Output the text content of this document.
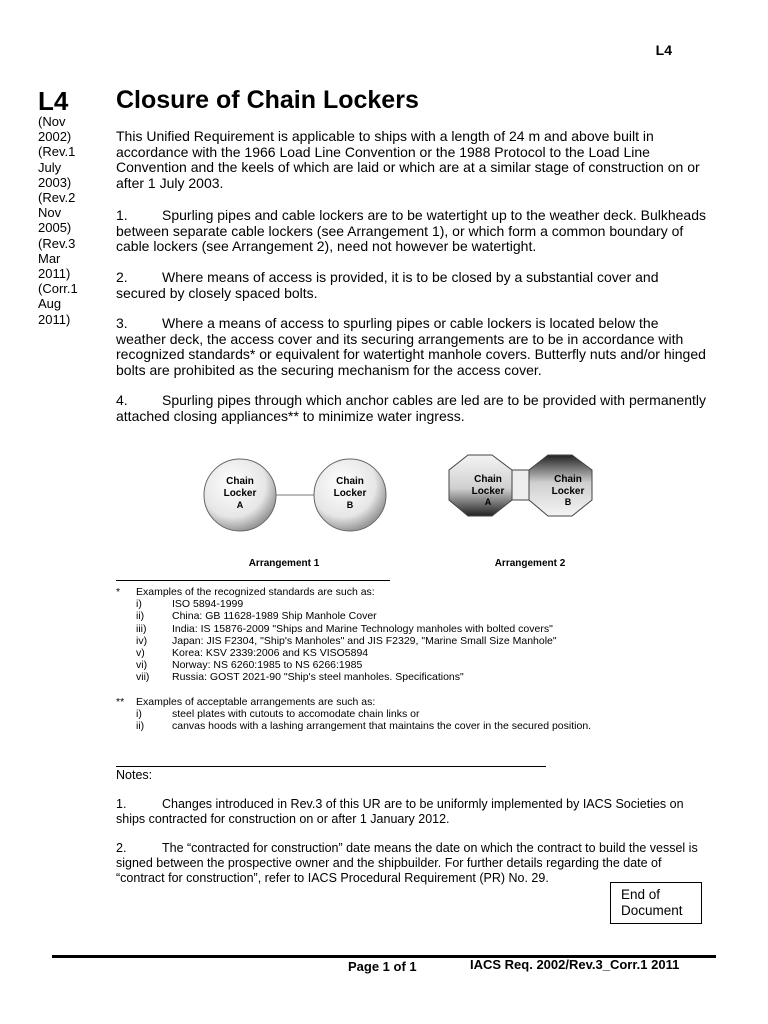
L4
L4
(Nov
2002)
(Rev.1
July
2003)
(Rev.2
Nov
2005)
(Rev.3
Mar
2011)
(Corr.1
Aug
2011)
Closure of Chain Lockers

This Unified Requirement is applicable to ships with a length of 24 m and above built in accordance with the 1966 Load Line Convention or the 1988 Protocol to the Load Line Convention and the keels of which are laid or which are at a similar stage of construction on or after 1 July 2003.

1. Spurling pipes and cable lockers are to be watertight up to the weather deck. Bulkheads between separate cable lockers (see Arrangement 1), or which form a common boundary of cable lockers (see Arrangement 2), need not however be watertight.

2. Where means of access is provided, it is to be closed by a substantial cover and secured by closely spaced bolts.

3. Where a means of access to spurling pipes or cable lockers is located below the weather deck, the access cover and its securing arrangements are to be in accordance with recognized standards* or equivalent for watertight manhole covers. Butterfly nuts and/or hinged bolts are prohibited as the securing mechanism for the access cover.

4. Spurling pipes through which anchor cables are led are to be provided with permanently attached closing appliances** to minimize water ingress.

Chain
Locker
A
Chain
Locker
B
Arrangement 1
Chain
Locker
A
Chain
Locker
B
Arrangement 2
*	Examples of the recognized standards are such as:
i)	ISO 5894-1999
ii)	China: GB 11628-1989 Ship Manhole Cover
iii)	India: IS 15876-2009 "Ships and Marine Technology manholes with bolted covers"
iv)	Japan: JIS F2304, "Ship's Manholes" and JIS F2329, "Marine Small Size Manhole"
v)	Korea: KSV 2339:2006 and KS VISO5894
vi)	Norway: NS 6260:1985 to NS 6266:1985
vii)	Russia: GOST 2021-90 "Ship's steel manholes. Specifications"
**	Examples of acceptable arrangements are such as:
i)	steel plates with cutouts to accomodate chain links or
ii)	canvas hoods with a lashing arrangement that maintains the cover in the secured position.

Notes:

1.	Changes introduced in Rev.3 of this UR are to be uniformly implemented by IACS Societies on ships contracted for construction on or after 1 January 2012.

2.	The “contracted for construction” date means the date on which the contract to build the vessel is signed between the prospective owner and the shipbuilder. For further details regarding the date of “contract for construction”, refer to IACS Procedural Requirement (PR) No. 29.

End of
Document
Page 1 of 1	IACS Req. 2002/Rev.3_Corr.1 2011
